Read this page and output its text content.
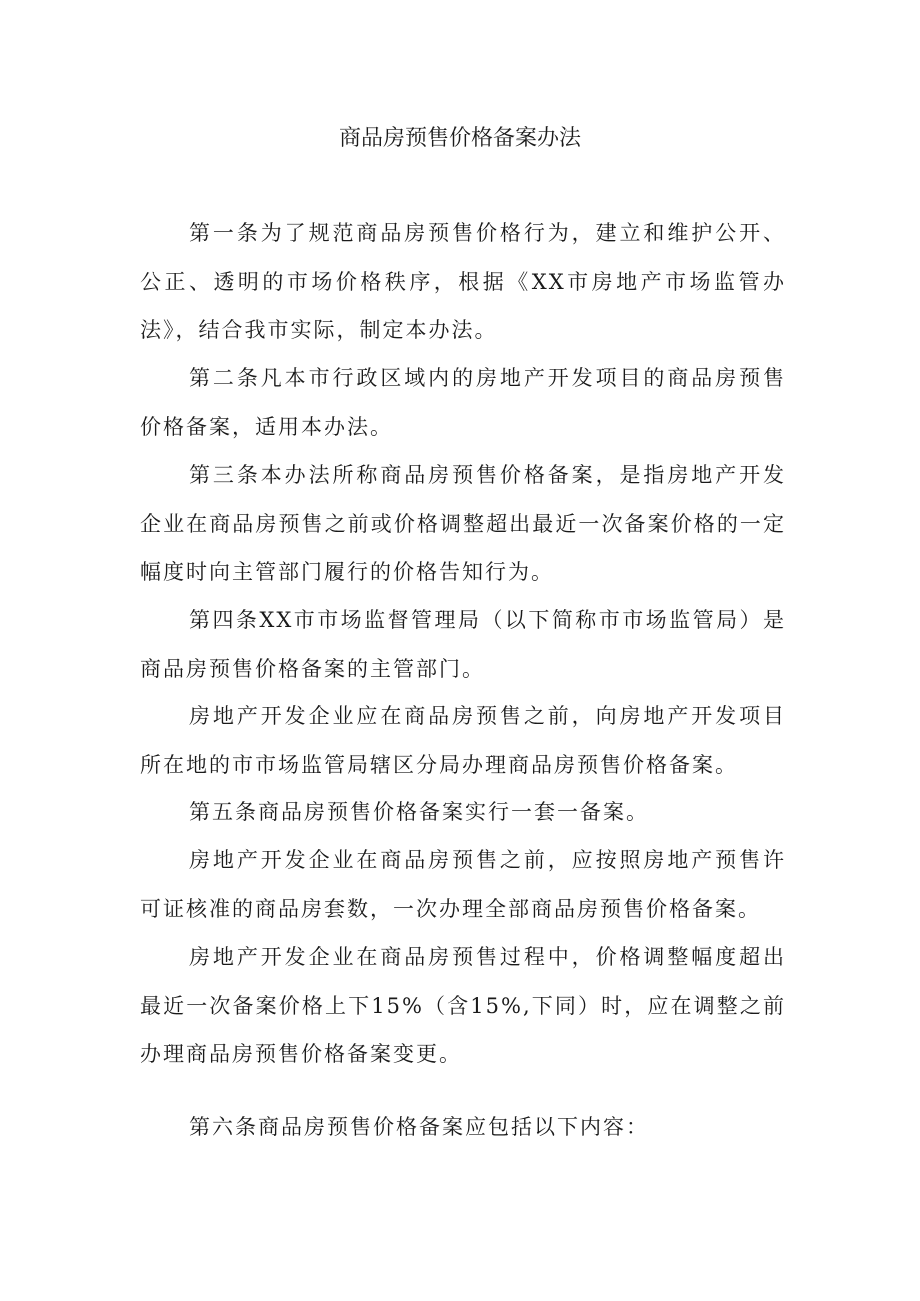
商品房预售价格备案办法

第一条为了规范商品房预售价格行为，建立和维护公开、公正、透明的市场价格秩序，根据《XX市房地产市场监管办法》，结合我市实际，制定本办法。

第二条凡本市行政区域内的房地产开发项目的商品房预售价格备案，适用本办法。

第三条本办法所称商品房预售价格备案，是指房地产开发企业在商品房预售之前或价格调整超出最近一次备案价格的一定幅度时向主管部门履行的价格告知行为。

第四条XX市市场监督管理局（以下简称市市场监管局）是商品房预售价格备案的主管部门。

房地产开发企业应在商品房预售之前，向房地产开发项目所在地的市市场监管局辖区分局办理商品房预售价格备案。

第五条商品房预售价格备案实行一套一备案。

房地产开发企业在商品房预售之前，应按照房地产预售许可证核准的商品房套数，一次办理全部商品房预售价格备案。

房地产开发企业在商品房预售过程中，价格调整幅度超出最近一次备案价格上下15%（含15%,下同）时，应在调整之前办理商品房预售价格备案变更。

第六条商品房预售价格备案应包括以下内容：
